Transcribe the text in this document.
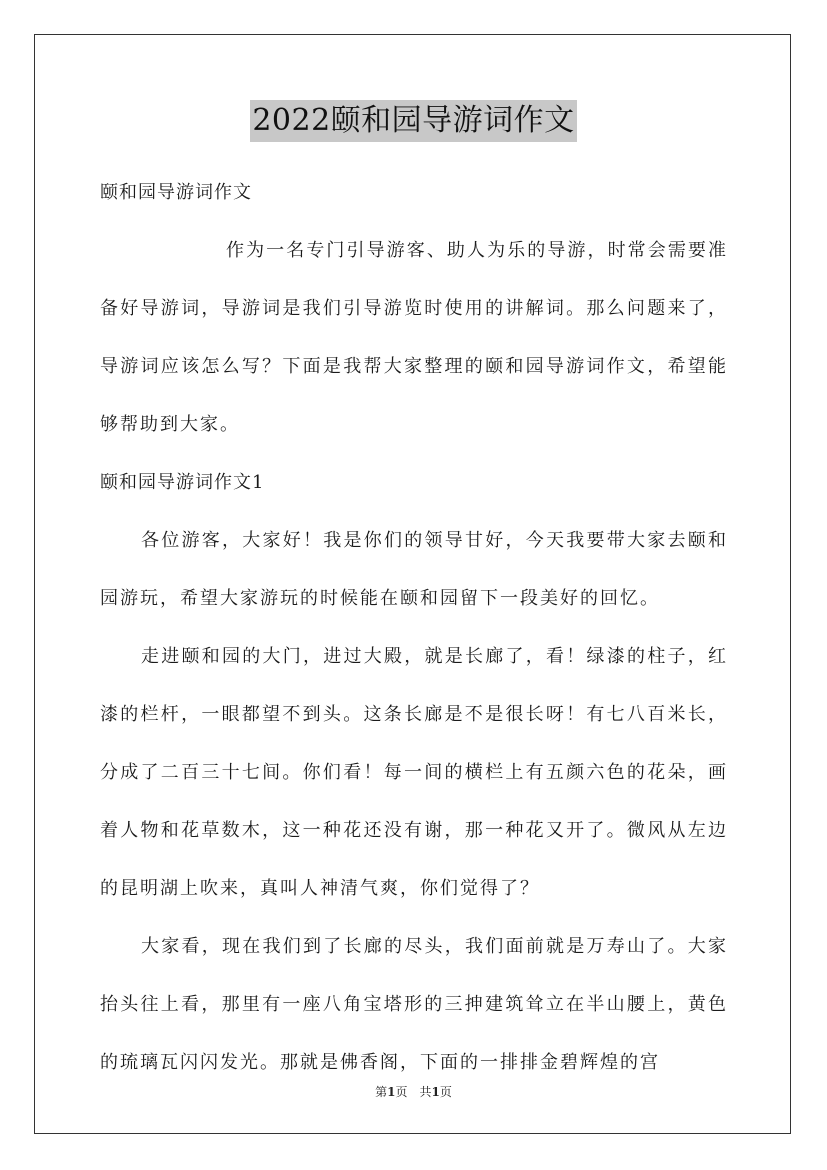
2022颐和园导游词作文

颐和园导游词作文

作为一名专门引导游客、助人为乐的导游，时常会需要准备好导游词，导游词是我们引导游览时使用的讲解词。那么问题来了，导游词应该怎么写？下面是我帮大家整理的颐和园导游词作文，希望能够帮助到大家。

颐和园导游词作文1

各位游客，大家好！我是你们的领导甘好，今天我要带大家去颐和园游玩，希望大家游玩的时候能在颐和园留下一段美好的回忆。

走进颐和园的大门，进过大殿，就是长廊了，看！绿漆的柱子，红漆的栏杆，一眼都望不到头。这条长廊是不是很长呀！有七八百米长，分成了二百三十七间。你们看！每一间的横栏上有五颜六色的花朵，画着人物和花草数木，这一种花还没有谢，那一种花又开了。微风从左边的昆明湖上吹来，真叫人神清气爽，你们觉得了？

大家看，现在我们到了长廊的尽头，我们面前就是万寿山了。大家抬头往上看，那里有一座八角宝塔形的三抻建筑耸立在半山腰上，黄色的琉璃瓦闪闪发光。那就是佛香阁，下面的一排排金碧辉煌的宫

第1页 共1页
